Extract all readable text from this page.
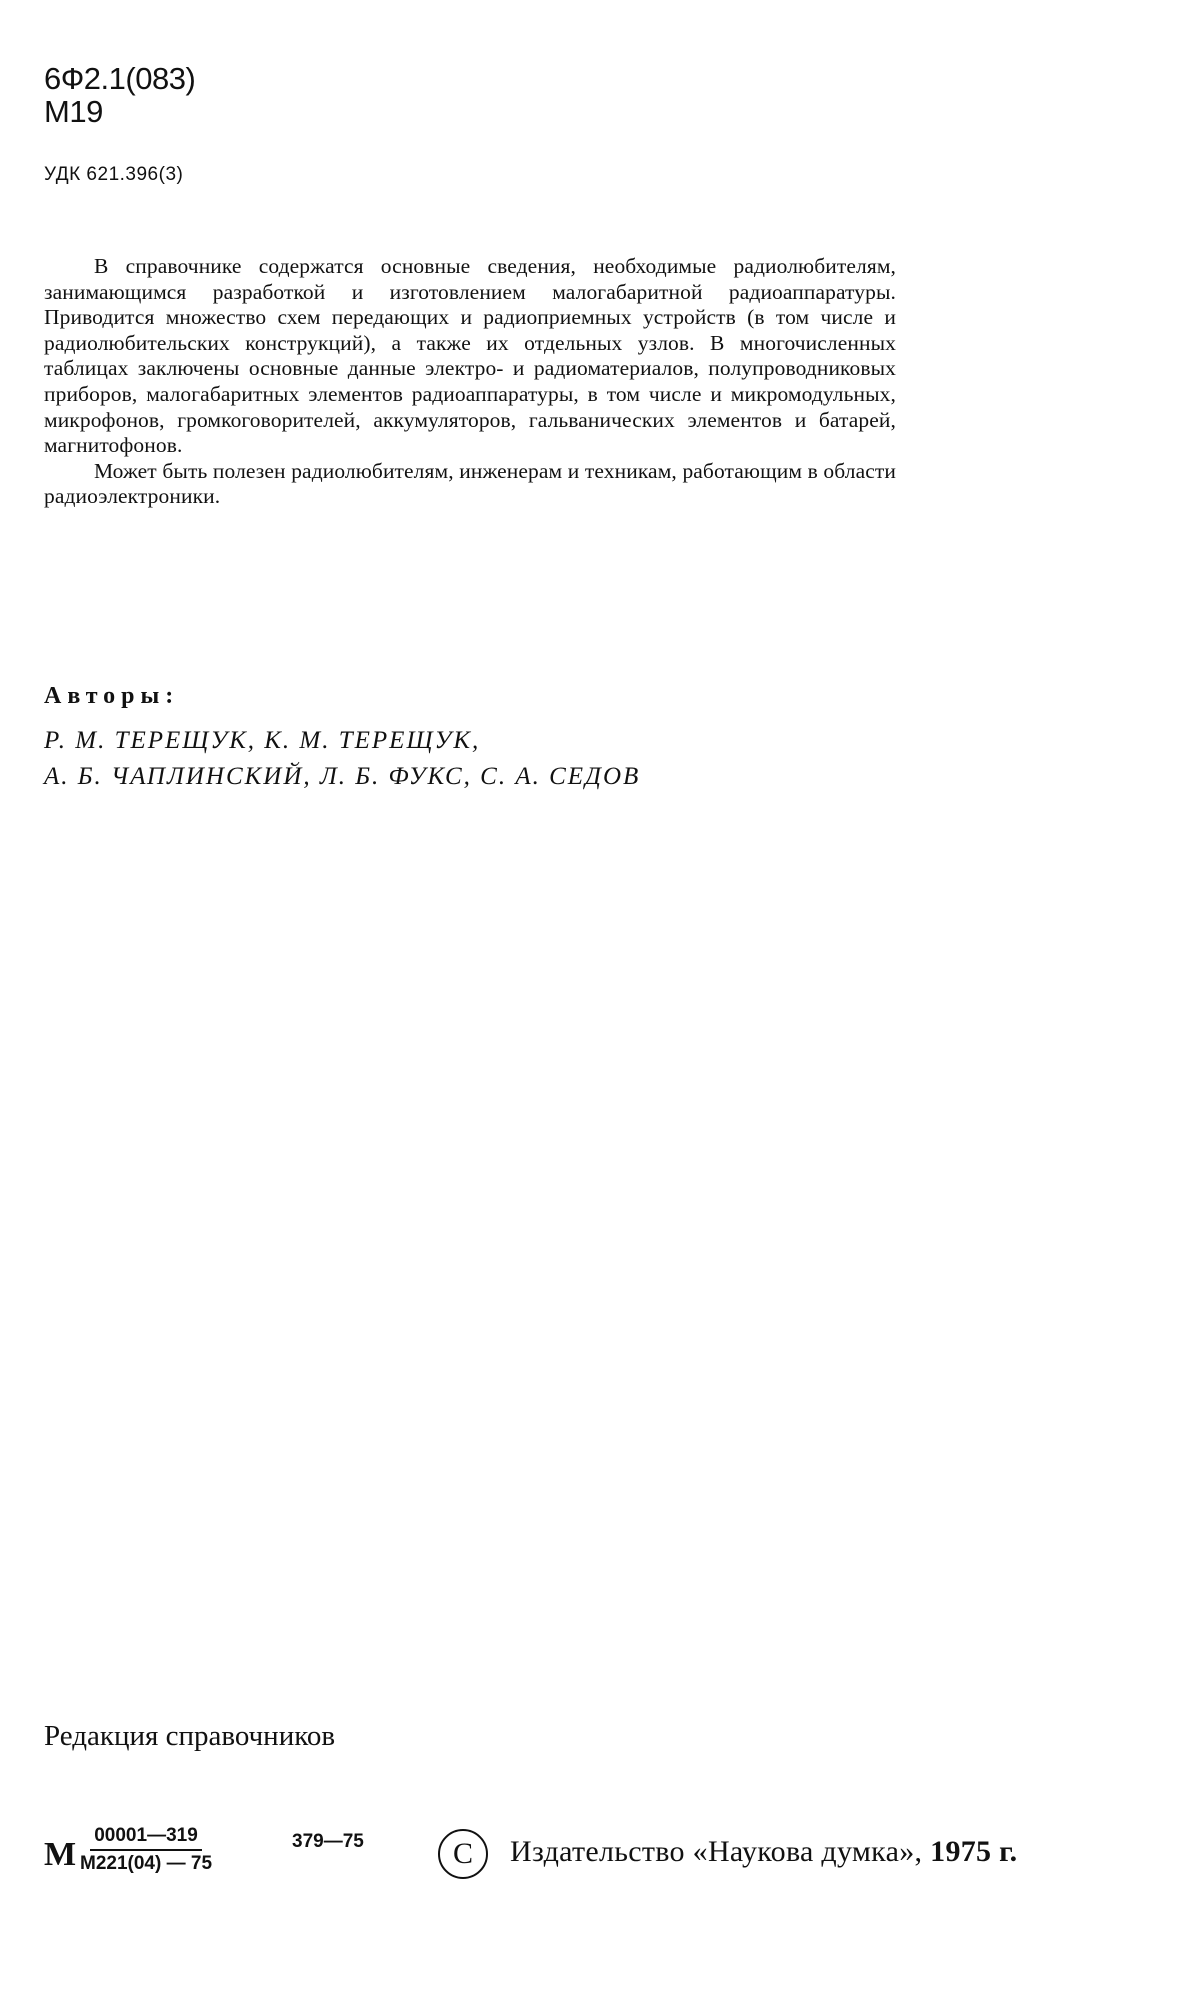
6Ф2.1(083)
М19
УДК 621.396(3)

В справочнике содержатся основные сведения, необходимые радиолюбителям, занимающимся разработкой и изготовлением малогабаритной радиоаппаратуры. Приводится множество схем передающих и радиоприемных устройств (в том числе и радиолюбительских конструкций), а также их отдельных узлов. В многочисленных таблицах заключены основные данные электро- и радиоматериалов, полупроводниковых приборов, малогабаритных элементов радиоаппаратуры, в том числе и микромодульных, микрофонов, громкоговорителей, аккумуляторов, гальванических элементов и батарей, магнитофонов.

Может быть полезен радиолюбителям, инженерам и техникам, работающим в области радиоэлектроники.

Авторы:
Р. М. ТЕРЕЩУК, К. М. ТЕРЕЩУК,
А. Б. ЧАПЛИНСКИЙ, Л. Б. ФУКС, С. А. СЕДОВ
Редакция справочников
М
00001—319
М221(04) — 75
379—75	C Издательство «Наукова думка», 1975 г.
